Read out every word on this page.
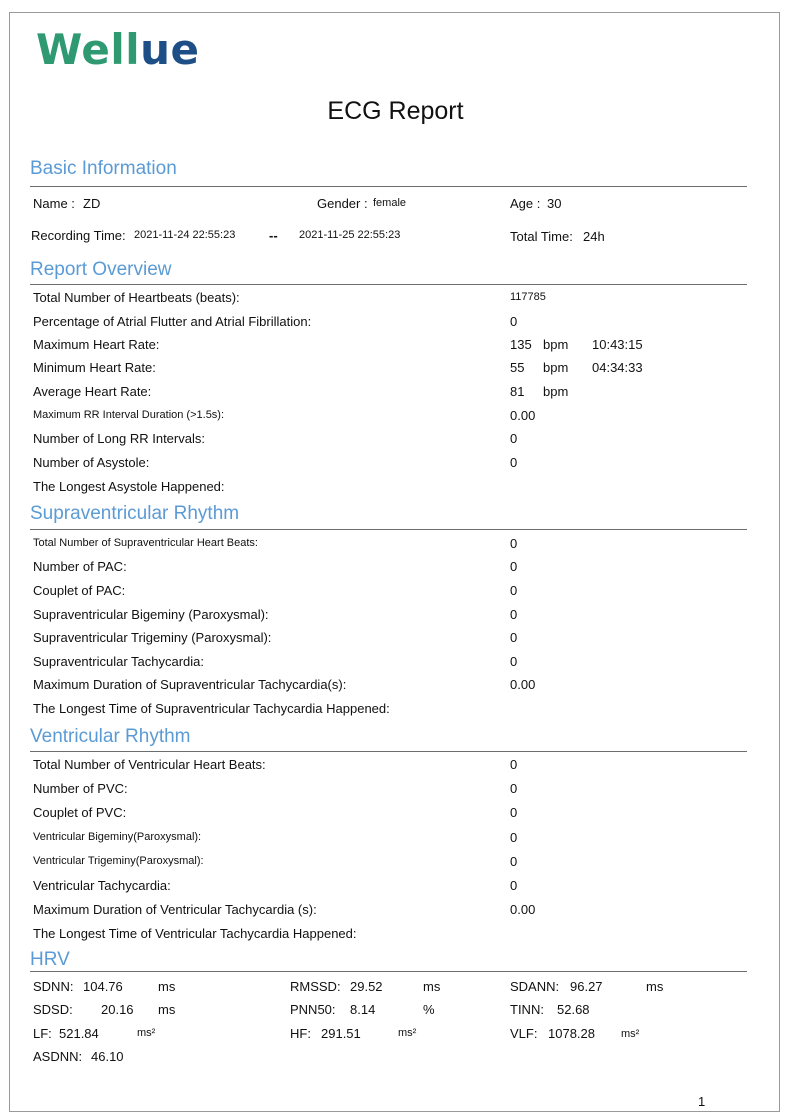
Wellue
ECG Report
Basic Information
Name : ZD	Gender : female	Age : 30
Recording Time: 2021-11-24 22:55:23	-- 2021-11-25 22:55:23	Total Time: 24h
Report Overview
Total Number of Heartbeats (beats):	117785
Percentage of Atrial Flutter and Atrial Fibrillation:	0
Maximum Heart Rate:	135 bpm 10:43:15
Minimum Heart Rate:	55 bpm 04:34:33
Average Heart Rate:	81 bpm
Maximum RR Interval Duration (>1.5s):	0.00
Number of Long RR Intervals:	0
Number of Asystole:	0
The Longest Asystole Happened:
Supraventricular Rhythm
Total Number of Supraventricular Heart Beats:	0
Number of PAC:	0
Couplet of PAC:	0
Supraventricular Bigeminy (Paroxysmal):	0
Supraventricular Trigeminy (Paroxysmal):	0
Supraventricular Tachycardia:	0
Maximum Duration of Supraventricular Tachycardia(s):	0.00
The Longest Time of Supraventricular Tachycardia Happened:
Ventricular Rhythm
Total Number of Ventricular Heart Beats:	0
Number of PVC:	0
Couplet of PVC:	0
Ventricular Bigeminy(Paroxysmal):	0
Ventricular Trigeminy(Paroxysmal):	0
Ventricular Tachycardia:	0
Maximum Duration of Ventricular Tachycardia (s):	0.00
The Longest Time of Ventricular Tachycardia Happened:
HRV
SDNN: 104.76	ms	RMSSD: 29.52	ms	SDANN: 96.27	ms
SDSD: 20.16 ms	PNN50: 8.14	%	TINN: 52.68
LF: 521.84	ms²	HF: 291.51	ms²	VLF: 1078.28 ms²
ASDNN: 46.10
1
